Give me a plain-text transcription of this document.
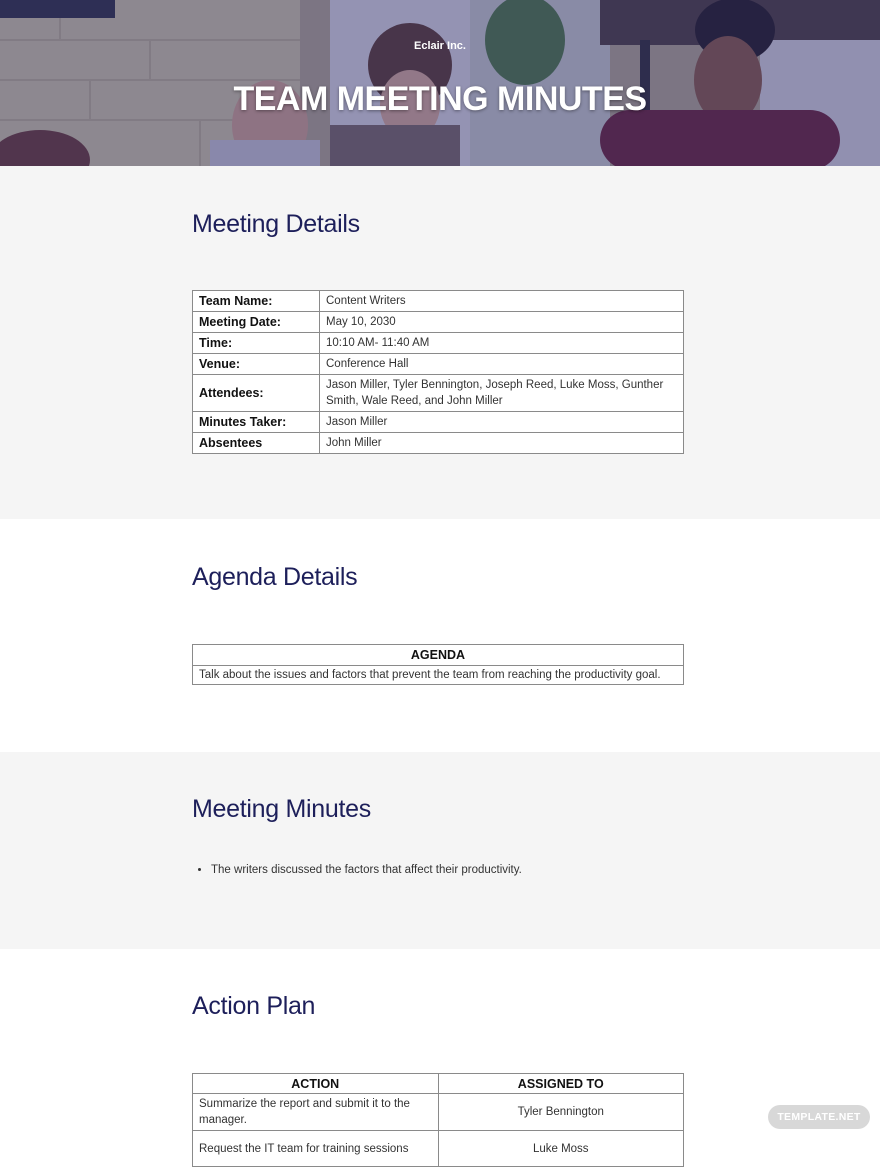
Eclair Inc.
TEAM MEETING MINUTES
Meeting Details
Team Name:	Content Writers
Meeting Date:	May 10, 2030
Time:	10:10 AM- 11:40 AM
Venue:	Conference Hall
Attendees:	Jason Miller, Tyler Bennington, Joseph Reed, Luke Moss, Gunther Smith, Wale Reed, and John Miller
Minutes Taker:	Jason Miller
Absentees	John Miller
Agenda Details
AGENDA
Talk about the issues and factors that prevent the team from reaching the productivity goal.
Meeting Minutes
• The writers discussed the factors that affect their productivity.
Action Plan
ACTION	ASSIGNED TO
Summarize the report and submit it to the manager.	Tyler Bennington
Request the IT team for training sessions	Luke Moss
TEMPLATE.NET
